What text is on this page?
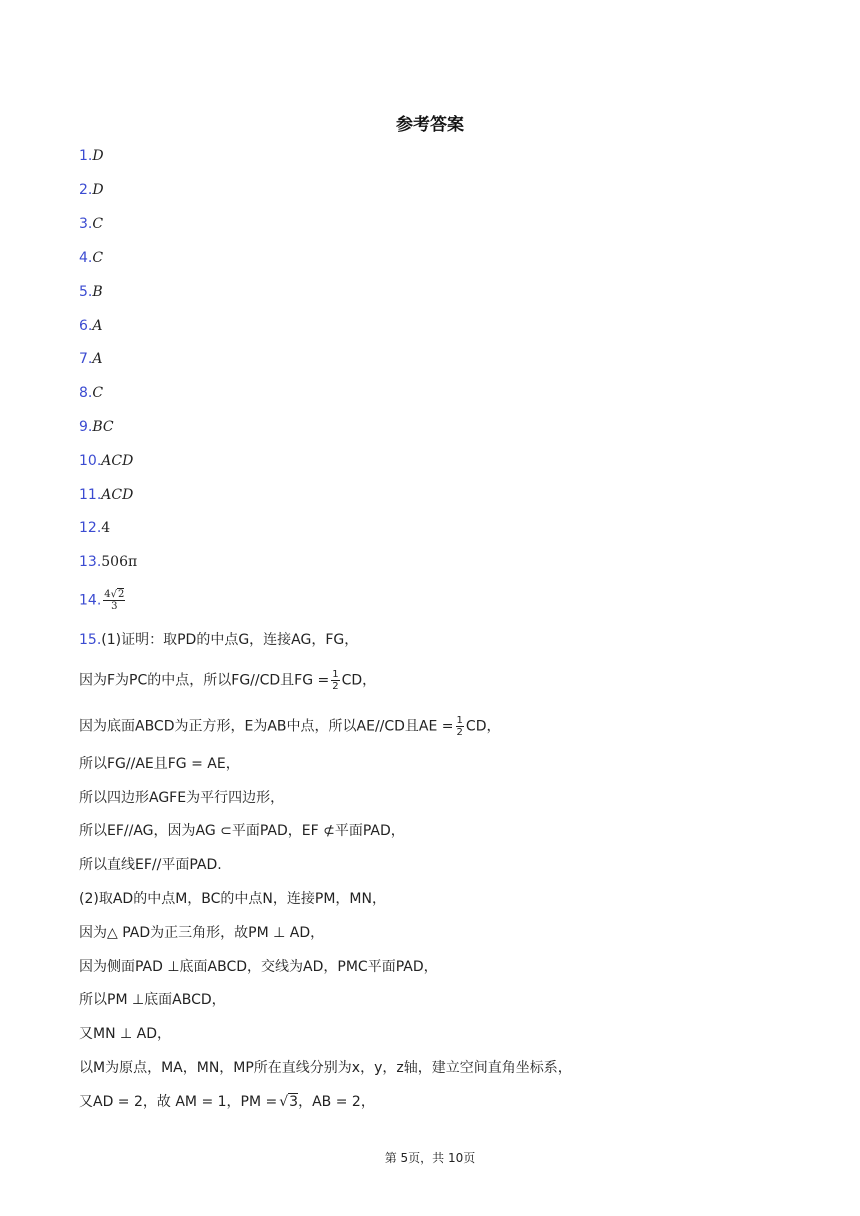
参考答案
1.D
2.D
3.C
4.C
5.B
6.A
7.A
8.C
9.BC
10.ACD
11.ACD
12.4
13.506π
14. $\frac{4√2}{3}$
15.(1)证明：取PD的中点G，连接AG，FG，
因为F为PC的中点，所以FG//CD且FG = $\frac{1}{2}$ CD，
因为底面ABCD为正方形，E为AB中点，所以AE//CD且AE = $\frac{1}{2}$ CD，
所以FG//AE且FG = AE，
所以四边形AGFE为平行四边形，
所以EF//AG，因为AG ⊂平面PAD，EF ⊄平面PAD，
所以直线EF//平面PAD.
(2)取AD的中点M，BC的中点N，连接PM，MN，
因为△ PAD为正三角形，故PM ⊥ AD，
因为侧面PAD ⊥底面ABCD，交线为AD，PMC平面PAD，
所以PM ⊥底面ABCD，
又MN ⊥ AD，
以M为原点，MA，MN，MP所在直线分别为x，y，z轴，建立空间直角坐标系，
又AD = 2，故 AM = 1，PM = √3，AB = 2，
第 5页，共 10页
